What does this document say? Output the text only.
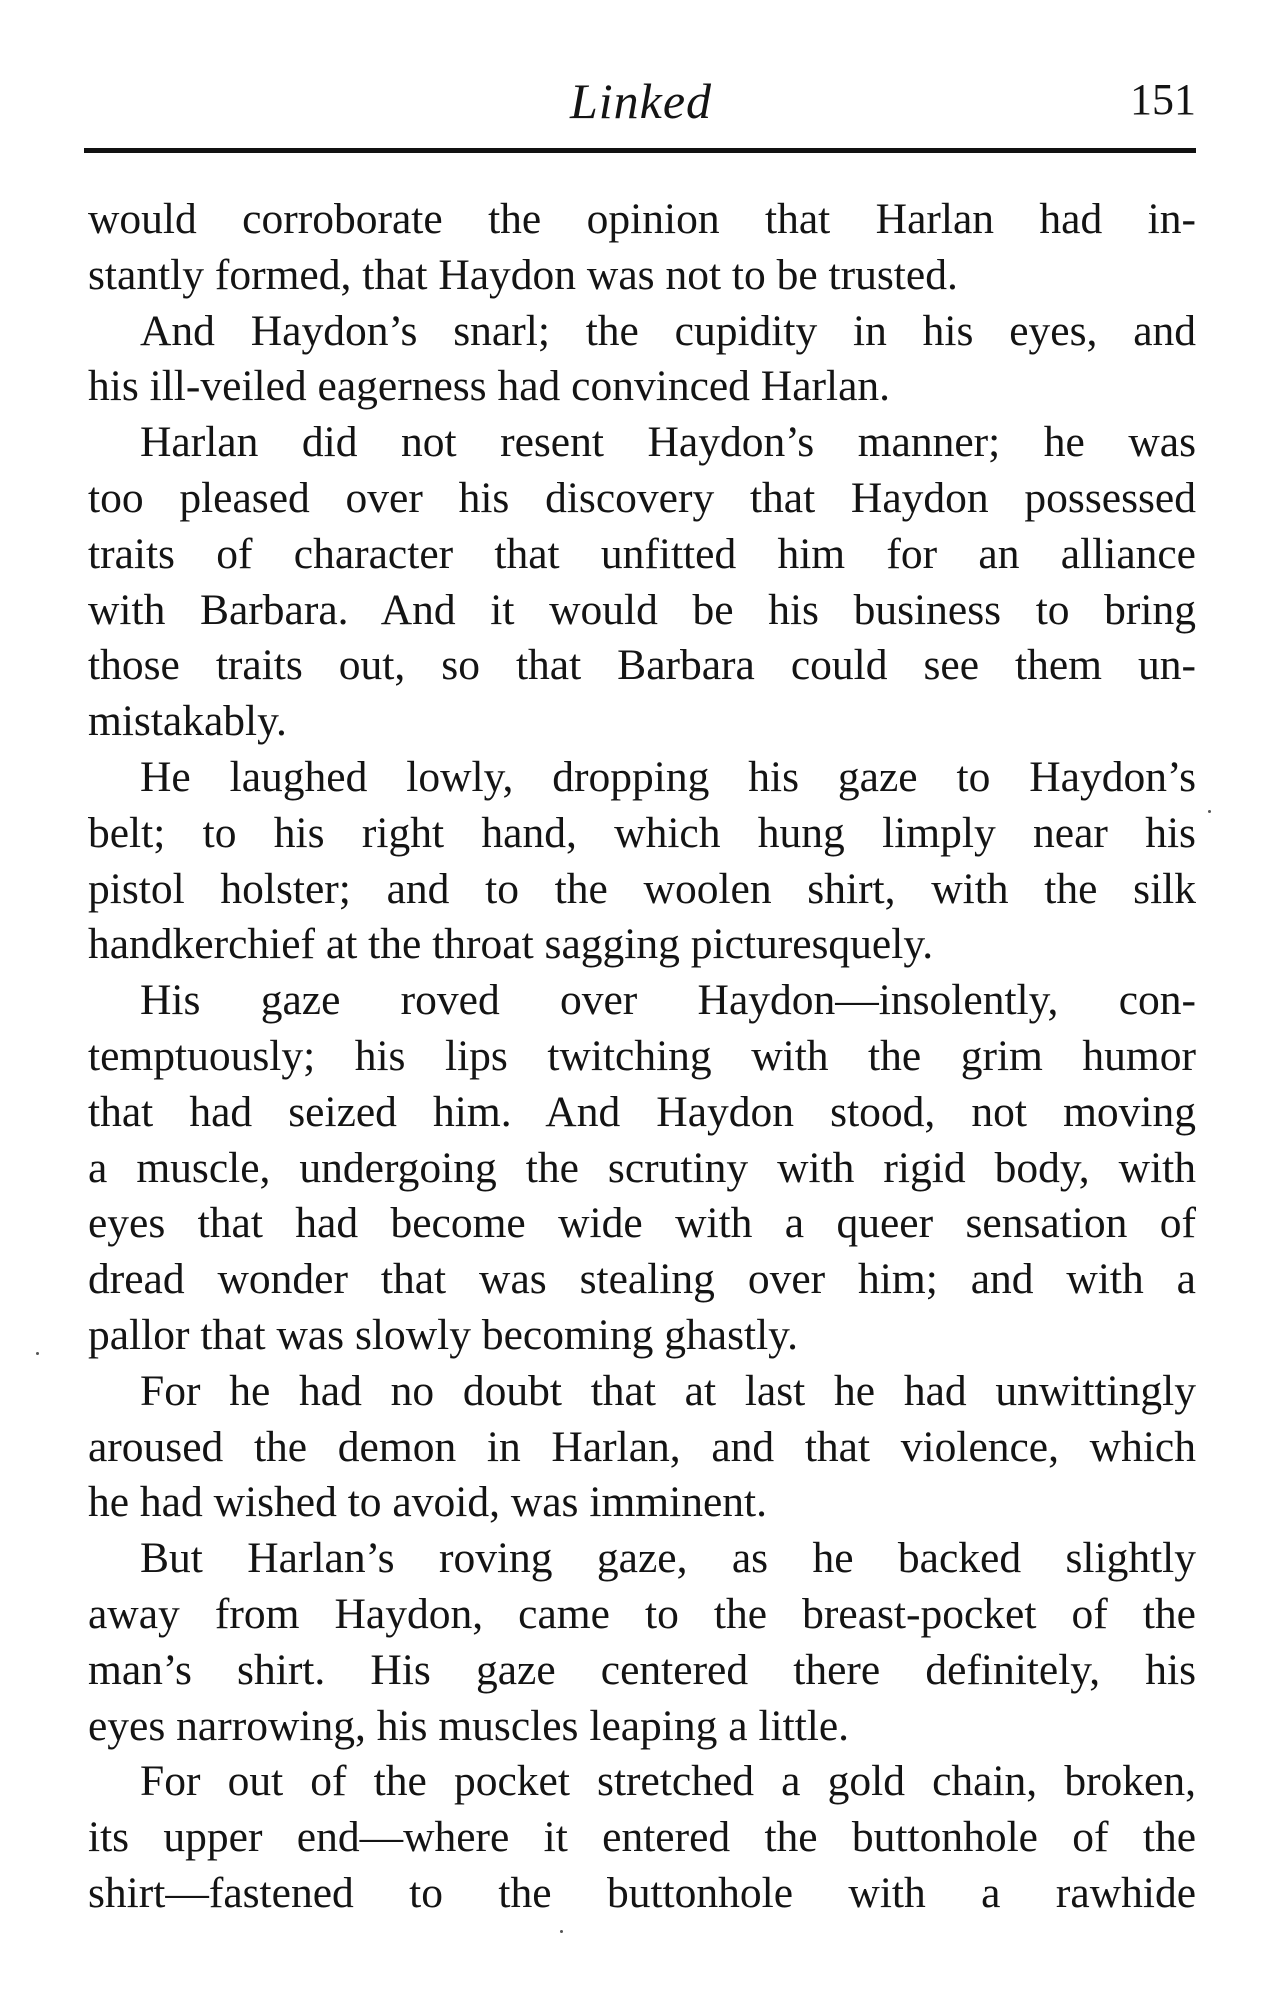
Linked	151
would corroborate the opinion that Harlan had in-
stantly formed, that Haydon was not to be trusted.
And Haydon’s snarl; the cupidity in his eyes, and
his ill-veiled eagerness had convinced Harlan.
Harlan did not resent Haydon’s manner; he was
too pleased over his discovery that Haydon possessed
traits of character that unfitted him for an alliance
with Barbara. And it would be his business to bring
those traits out, so that Barbara could see them un-
mistakably.
He laughed lowly, dropping his gaze to Haydon’s
belt; to his right hand, which hung limply near his
pistol holster; and to the woolen shirt, with the silk
handkerchief at the throat sagging picturesquely.
His gaze roved over Haydon—insolently, con-
temptuously; his lips twitching with the grim humor
that had seized him. And Haydon stood, not moving
a muscle, undergoing the scrutiny with rigid body, with
eyes that had become wide with a queer sensation of
dread wonder that was stealing over him; and with a
pallor that was slowly becoming ghastly.
For he had no doubt that at last he had unwittingly
aroused the demon in Harlan, and that violence, which
he had wished to avoid, was imminent.
But Harlan’s roving gaze, as he backed slightly
away from Haydon, came to the breast-pocket of the
man’s shirt. His gaze centered there definitely, his
eyes narrowing, his muscles leaping a little.
For out of the pocket stretched a gold chain, broken,
its upper end—where it entered the buttonhole of the
shirt—fastened to the buttonhole with a rawhide
